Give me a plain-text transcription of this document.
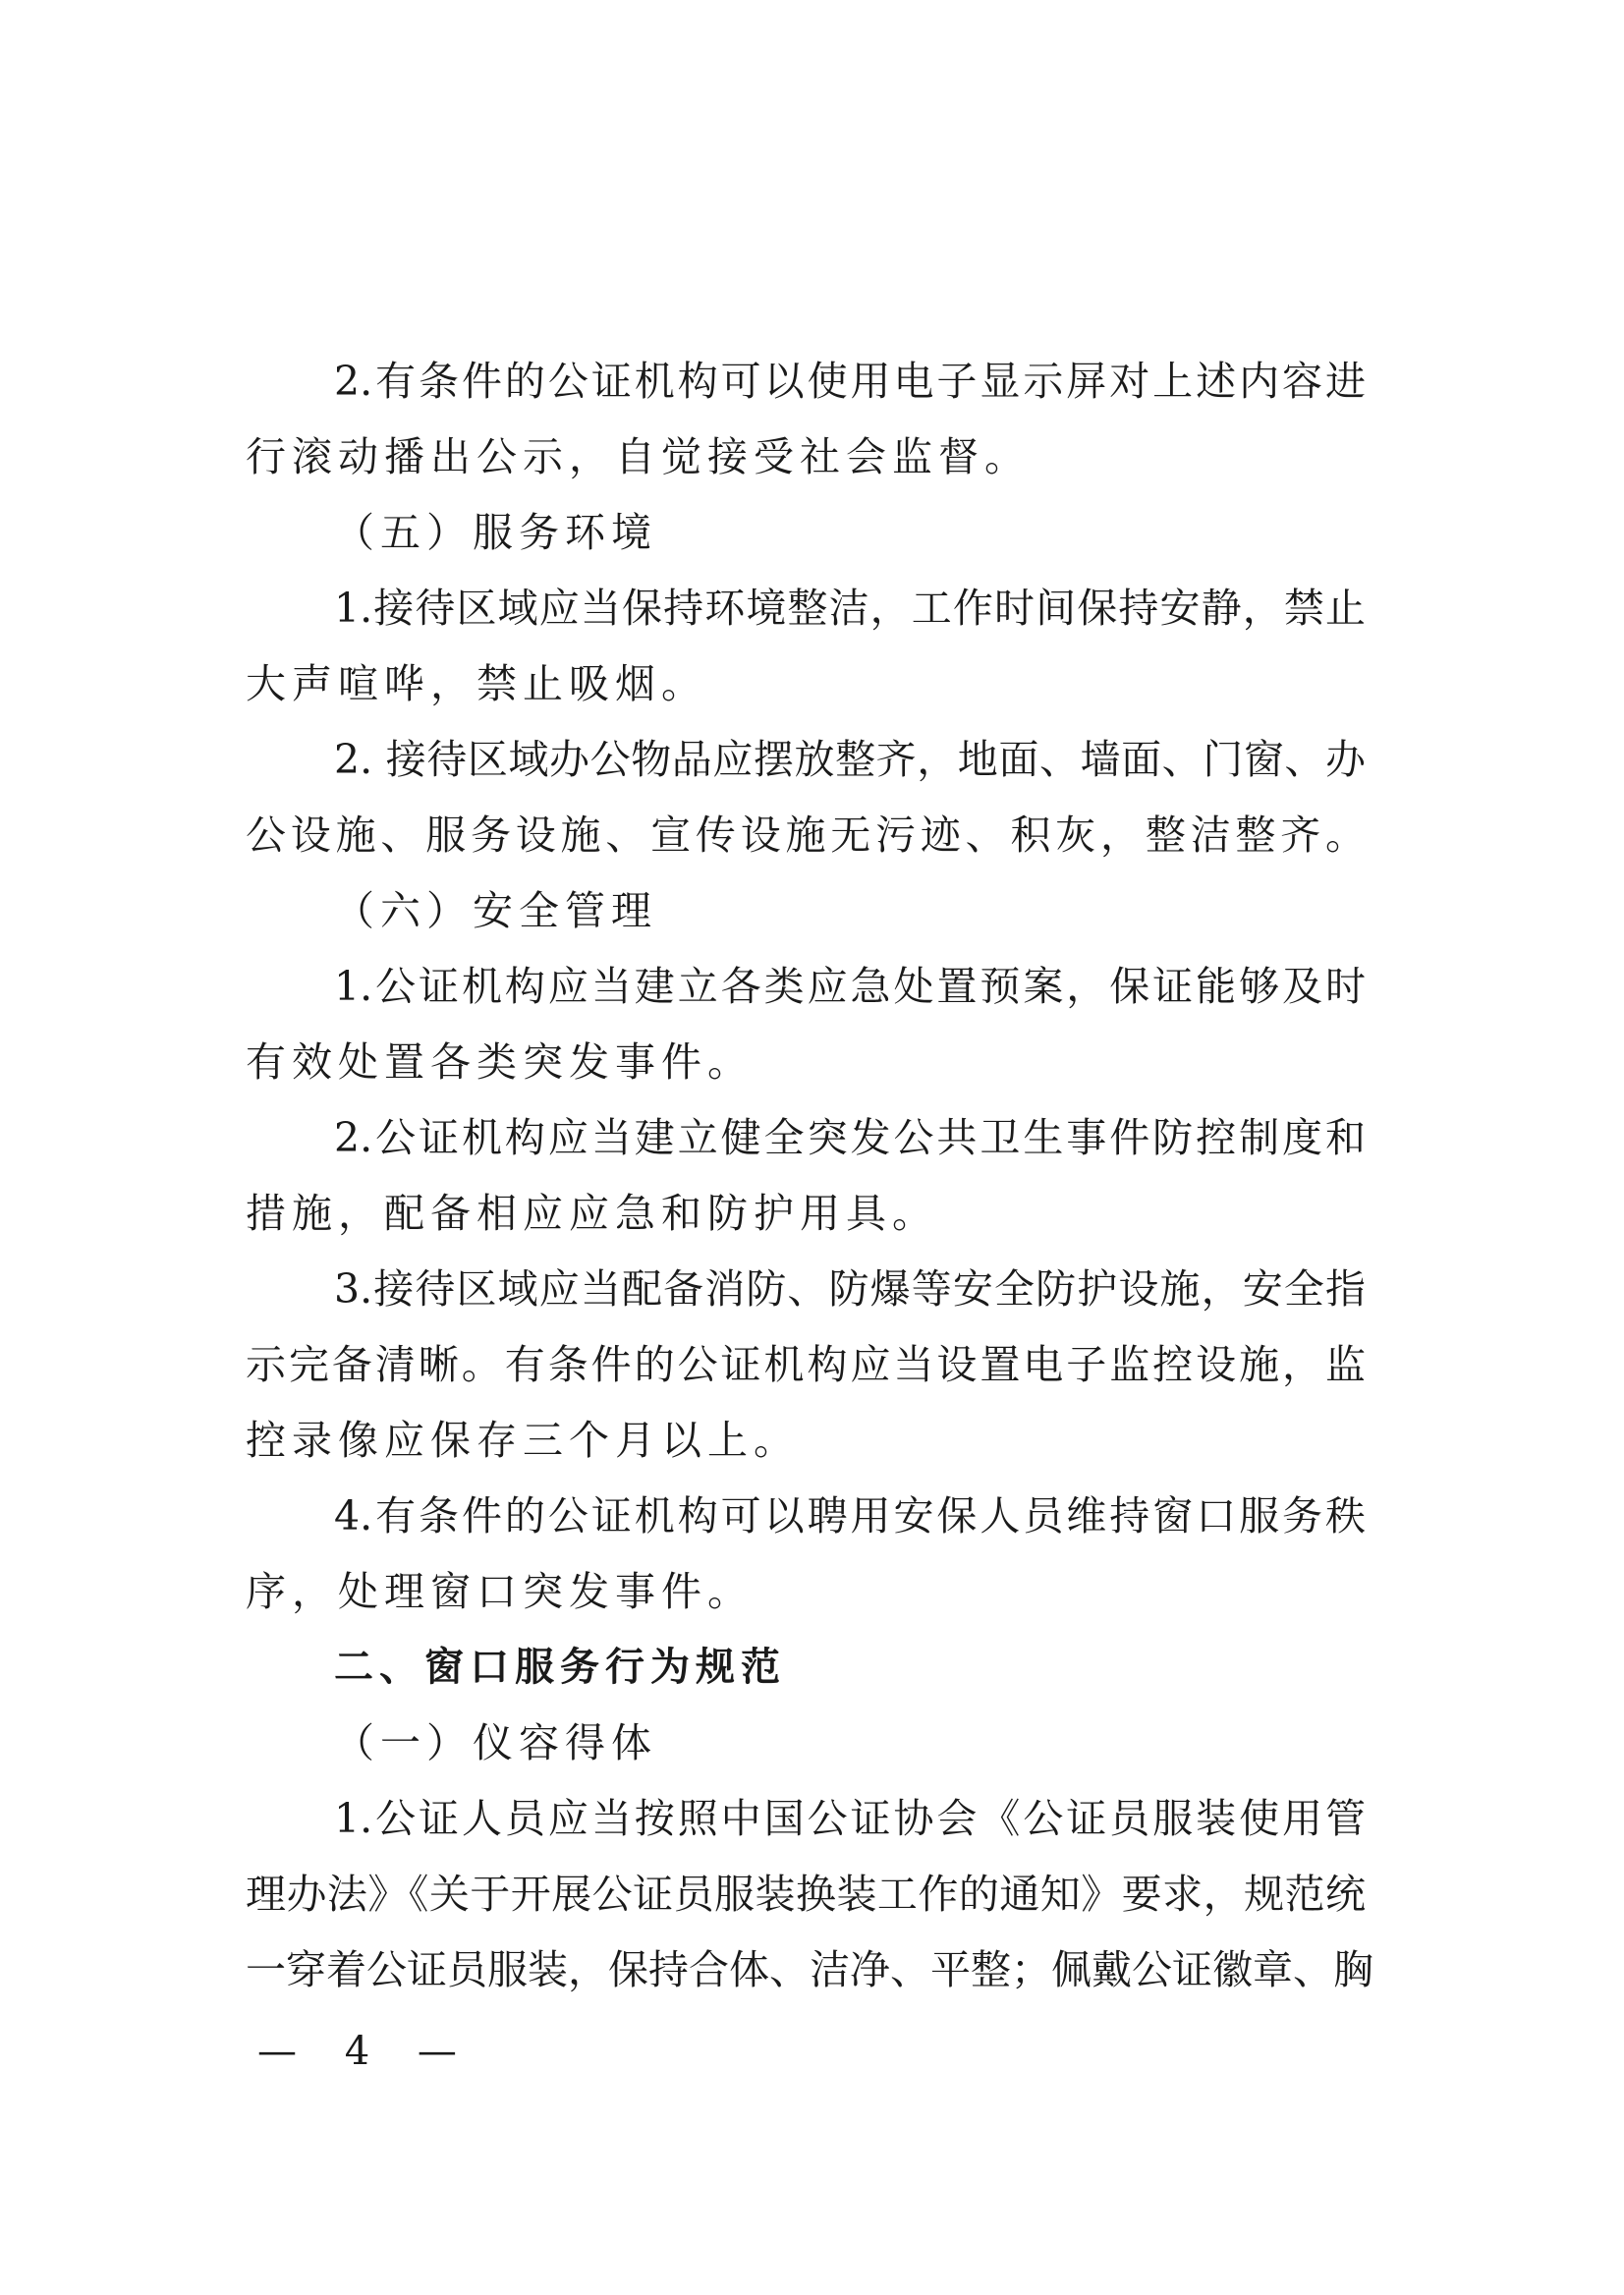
2.有条件的公证机构可以使用电子显示屏对上述内容进
行滚动播出公示，自觉接受社会监督。
（五）服务环境
1.接待区域应当保持环境整洁，工作时间保持安静，禁止
大声喧哗，禁止吸烟。
2. 接待区域办公物品应摆放整齐，地面、墙面、门窗、办
公设施、服务设施、宣传设施无污迹、积灰，整洁整齐。
（六）安全管理
1.公证机构应当建立各类应急处置预案，保证能够及时
有效处置各类突发事件。
2.公证机构应当建立健全突发公共卫生事件防控制度和
措施，配备相应应急和防护用具。
3.接待区域应当配备消防、防爆等安全防护设施，安全指
示完备清晰。有条件的公证机构应当设置电子监控设施，监
控录像应保存三个月以上。
4.有条件的公证机构可以聘用安保人员维持窗口服务秩
序，处理窗口突发事件。
二、窗口服务行为规范
（一）仪容得体
1.公证人员应当按照中国公证协会《公证员服装使用管
理办法》《关于开展公证员服装换装工作的通知》要求，规范统
一穿着公证员服装，保持合体、洁净、平整；佩戴公证徽章、胸
— 4 —
